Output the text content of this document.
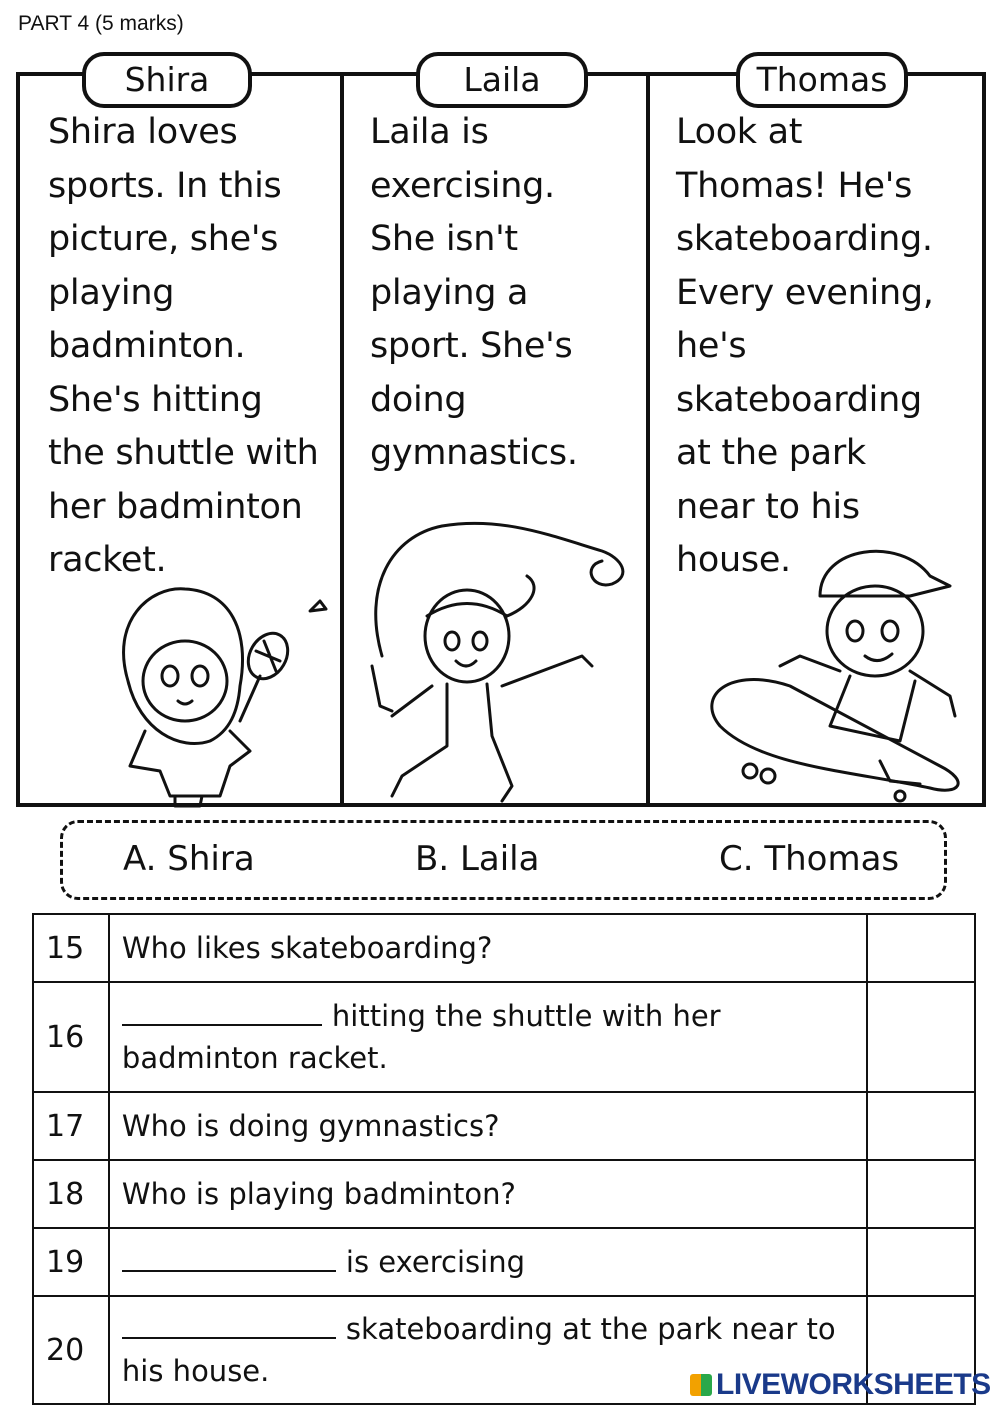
PART 4 (5 marks)
Shira
Shira loves
sports. In this
picture, she's
playing
badminton.
She's hitting
the shuttle with
her badminton
racket.
Laila
Laila is
exercising.
She isn't
playing a
sport. She's
doing
gymnastics.
Thomas
Look at
Thomas! He's
skateboarding.
Every evening,
he's
skateboarding
at the park
near to his
house.
A. Shira	B. Laila	C. Thomas
15	Who likes skateboarding?	
16	hitting the shuttle with her badminton racket.	
17	Who is doing gymnastics?	
18	Who is playing badminton?	
19	is exercising	
20	skateboarding at the park near to his house.		LIVEWORKSHEETS
